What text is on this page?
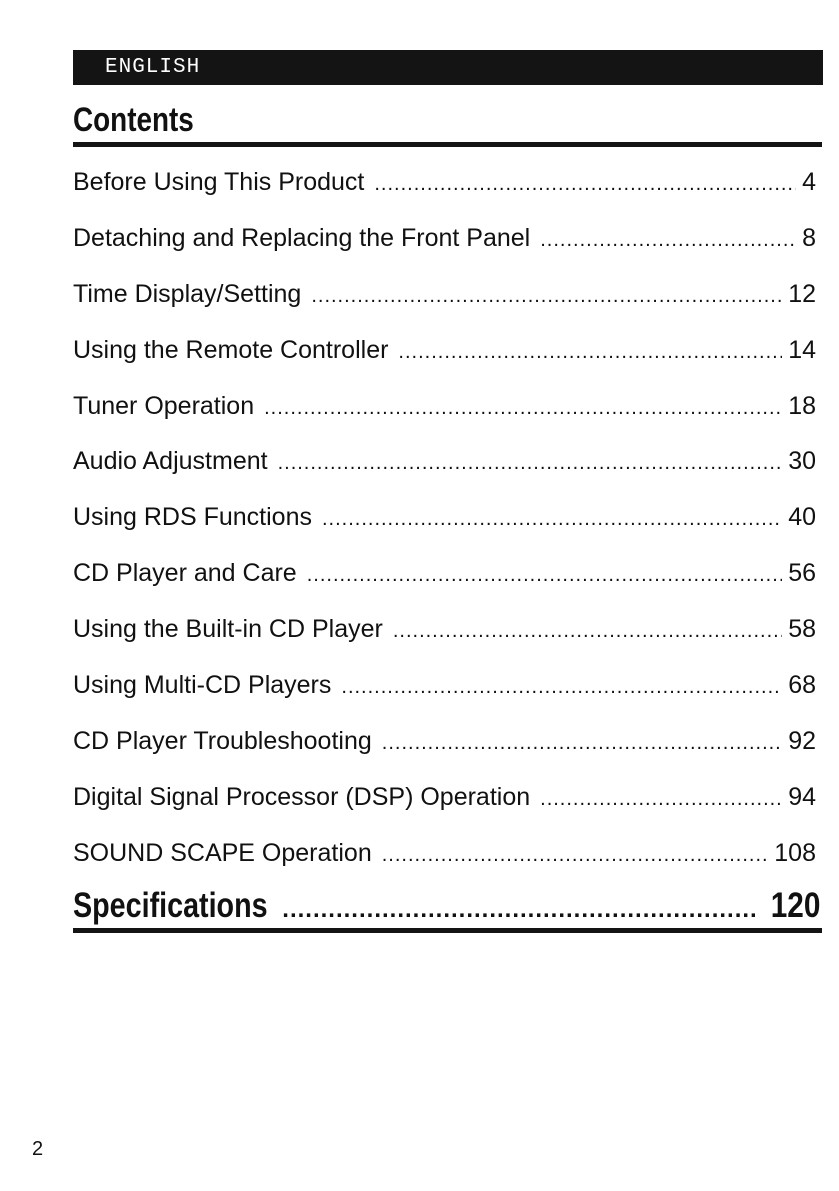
ENGLISH
Contents
Before Using This Product .....	4
Detaching and Replacing the Front Panel .....	8
Time Display/Setting .....	12
Using the Remote Controller .....	14
Tuner Operation .....	18
Audio Adjustment .....	30
Using RDS Functions .....	40
CD Player and Care .....	56
Using the Built-in CD Player .....	58
Using Multi-CD Players .....	68
CD Player Troubleshooting .....	92
Digital Signal Processor (DSP) Operation .....	94
SOUND SCAPE Operation .....	108
Specifications .....	120
2
